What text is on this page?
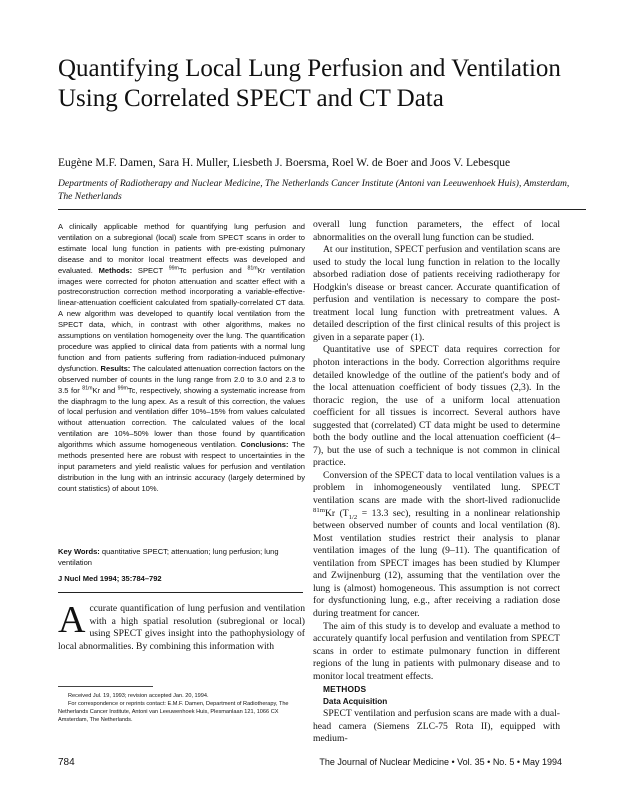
Quantifying Local Lung Perfusion and Ventilation Using Correlated SPECT and CT Data
Eugène M.F. Damen, Sara H. Muller, Liesbeth J. Boersma, Roel W. de Boer and Joos V. Lebesque
Departments of Radiotherapy and Nuclear Medicine, The Netherlands Cancer Institute (Antoni van Leeuwenhoek Huis), Amsterdam, The Netherlands

A clinically applicable method for quantifying lung perfusion and ventilation on a subregional (local) scale from SPECT scans in order to estimate local lung function in patients with pre-existing pulmonary disease and to monitor local treatment effects was developed and evaluated. Methods: SPECT $^{99m}$Tc perfusion and $^{81m}$Kr ventilation images were corrected for photon attenuation and scatter effect with a postreconstruction correction method incorporating a variable-effective-linear-attenuation coefficient calculated from spatially-correlated CT data. A new algorithm was developed to quantify local ventilation from the SPECT data, which, in contrast with other algorithms, makes no assumptions on ventilation homogeneity over the lung. The quantification procedure was applied to clinical data from patients with a normal lung function and from patients suffering from radiation-induced pulmonary dysfunction. Results: The calculated attenuation correction factors on the observed number of counts in the lung range from 2.0 to 3.0 and 2.3 to 3.5 for $^{81m}$Kr and $^{99m}$Tc, respectively, showing a systematic increase from the diaphragm to the lung apex. As a result of this correction, the values of local perfusion and ventilation differ 10%–15% from values calculated without attenuation correction. The calculated values of the local ventilation are 10%–50% lower than those found by quantification algorithms which assume homogeneous ventilation. Conclusions: The methods presented here are robust with respect to uncertainties in the input parameters and yield realistic values for perfusion and ventilation distribution in the lung with an intrinsic accuracy (largely determined by count statistics) of about 10%.

Key Words: quantitative SPECT; attenuation; lung perfusion; lung ventilation
J Nucl Med 1994; 35:784–792

Accurate quantification of lung perfusion and ventilation with a high spatial resolution (subregional or local) using SPECT gives insight into the pathophysiology of local abnormalities. By combining this information with

Received Jul. 19, 1993; revision accepted Jan. 20, 1994.

For correspondence or reprints contact: E.M.F. Damen, Department of Radiotherapy, The Netherlands Cancer Institute, Antoni van Leeuwenhoek Huis, Plesmanlaan 121, 1066 CX Amsterdam, The Netherlands.

overall lung function parameters, the effect of local abnormalities on the overall lung function can be studied.

At our institution, SPECT perfusion and ventilation scans are used to study the local lung function in relation to the locally absorbed radiation dose of patients receiving radiotherapy for Hodgkin's disease or breast cancer. Accurate quantification of perfusion and ventilation is necessary to compare the post-treatment local lung function with pretreatment values. A detailed description of the first clinical results of this project is given in a separate paper (1).

Quantitative use of SPECT data requires correction for photon interactions in the body. Correction algorithms require detailed knowledge of the outline of the patient's body and of the local attenuation coefficient of body tissues (2,3). In the thoracic region, the use of a uniform local attenuation coefficient for all tissues is incorrect. Several authors have suggested that (correlated) CT data might be used to determine both the body outline and the local attenuation coefficient (4–7), but the use of such a technique is not common in clinical practice.

Conversion of the SPECT data to local ventilation values is a problem in inhomogeneously ventilated lung. SPECT ventilation scans are made with the short-lived radionuclide $^{81m}$Kr ($T_{1/2} = 13.3$ sec), resulting in a nonlinear relationship between observed number of counts and local ventilation (8). Most ventilation studies restrict their analysis to planar ventilation images of the lung (9–11). The quantification of ventilation from SPECT images has been studied by Klumper and Zwijnenburg (12), assuming that the ventilation over the lung is (almost) homogeneous. This assumption is not correct for dysfunctioning lung, e.g., after receiving a radiation dose during treatment for cancer.

The aim of this study is to develop and evaluate a method to accurately quantify local perfusion and ventilation from SPECT scans in order to estimate pulmonary function in different regions of the lung in patients with pulmonary disease and to monitor local treatment effects.

METHODS

Data Acquisition

SPECT ventilation and perfusion scans are made with a dual-head camera (Siemens ZLC-75 Rota II), equipped with medium-

784	The Journal of Nuclear Medicine • Vol. 35 • No. 5 • May 1994
